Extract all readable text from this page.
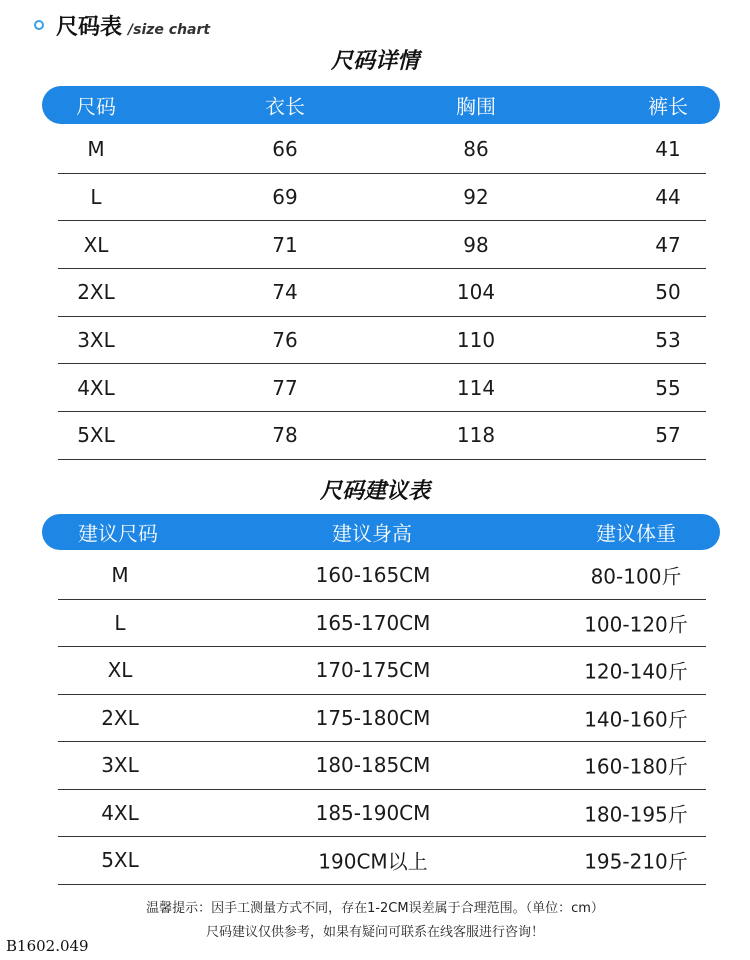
尺码表 /size chart
尺码详情
尺码	衣长	胸围	裤长
M	66	86	41
L	69	92	44
XL	71	98	47
2XL	74	104	50
3XL	76	110	53
4XL	77	114	55
5XL	78	118	57
尺码建议表
建议尺码	建议身高	建议体重
M	160-165CM	80-100斤
L	165-170CM	100-120斤
XL	170-175CM	120-140斤
2XL	175-180CM	140-160斤
3XL	180-185CM	160-180斤
4XL	185-190CM	180-195斤
5XL	190CM以上	195-210斤
温馨提示：因手工测量方式不同，存在1-2CM误差属于合理范围。（单位：cm）
尺码建议仅供参考，如果有疑问可联系在线客服进行咨询！
B1602.049
